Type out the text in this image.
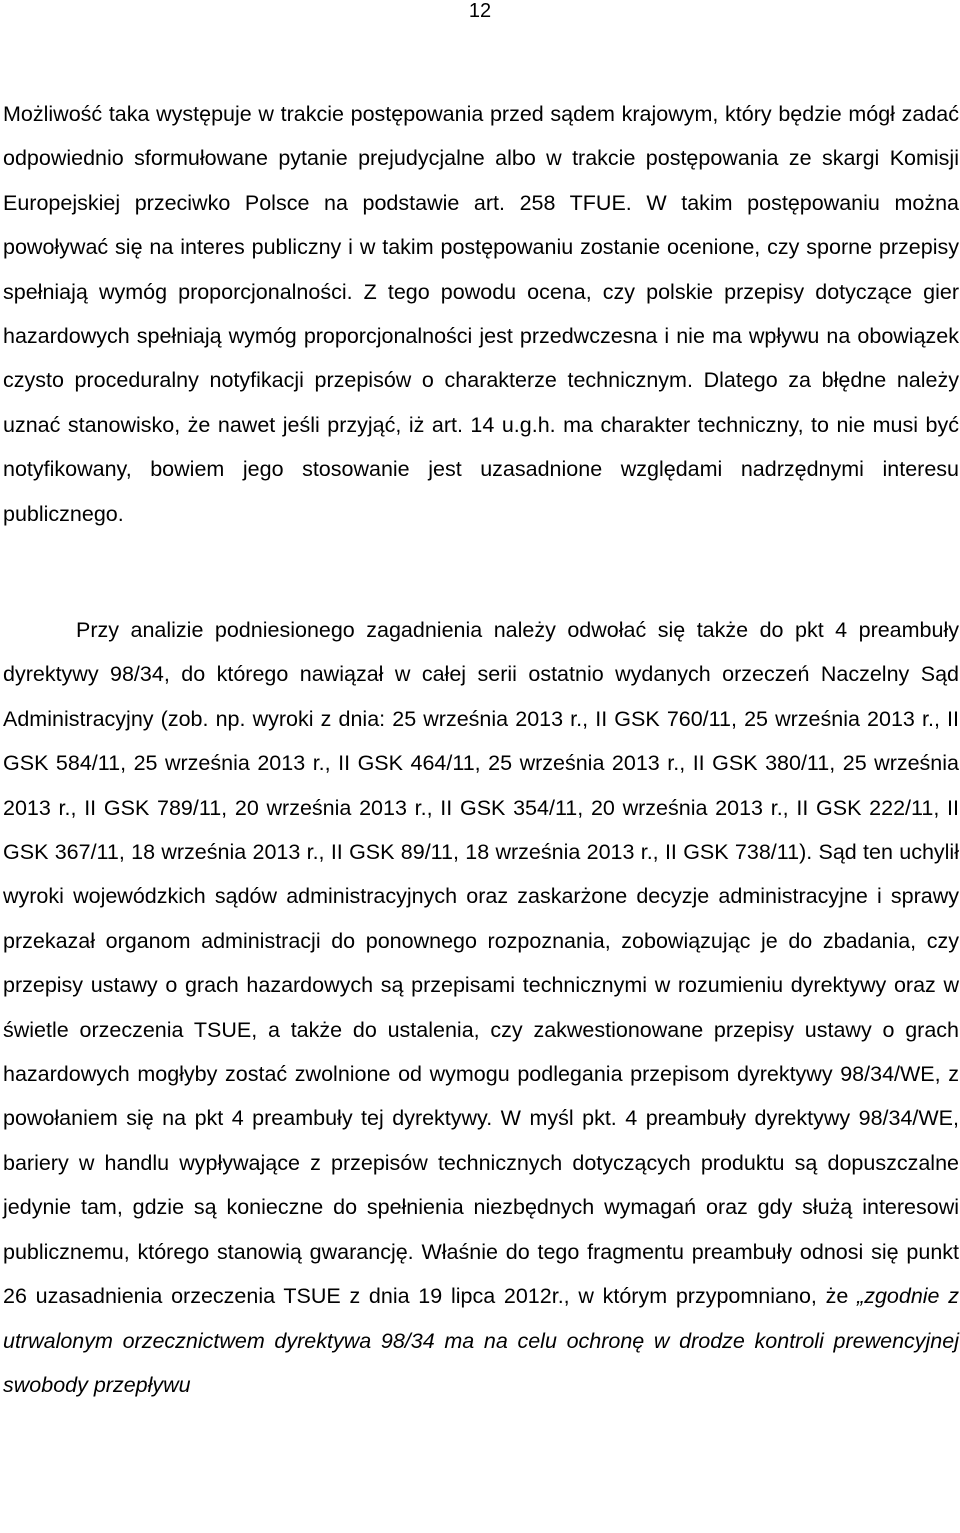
12

Możliwość taka występuje w trakcie postępowania przed sądem krajowym, który będzie mógł zadać odpowiednio sformułowane pytanie prejudycjalne albo w trakcie postępowania ze skargi Komisji Europejskiej przeciwko Polsce na podstawie art. 258 TFUE. W takim postępowaniu można powoływać się na interes publiczny i w takim postępowaniu zostanie ocenione, czy sporne przepisy spełniają wymóg proporcjonalności. Z tego powodu ocena, czy polskie przepisy dotyczące gier hazardowych spełniają wymóg proporcjonalności jest przedwczesna i nie ma wpływu na obowiązek czysto proceduralny notyfikacji przepisów o charakterze technicznym. Dlatego za błędne należy uznać stanowisko, że nawet jeśli przyjąć, iż art. 14 u.g.h. ma charakter techniczny, to nie musi być notyfikowany, bowiem jego stosowanie jest uzasadnione względami nadrzędnymi interesu publicznego.

Przy analizie podniesionego zagadnienia należy odwołać się także do pkt 4 preambuły dyrektywy 98/34, do którego nawiązał w całej serii ostatnio wydanych orzeczeń Naczelny Sąd Administracyjny (zob. np. wyroki z dnia: 25 września 2013 r., II GSK 760/11, 25 września 2013 r., II GSK 584/11, 25 września 2013 r., II GSK 464/11, 25 września 2013 r., II GSK 380/11, 25 września 2013 r., II GSK 789/11, 20 września 2013 r., II GSK 354/11, 20 września 2013 r., II GSK 222/11, II GSK 367/11, 18 września 2013 r., II GSK 89/11, 18 września 2013 r., II GSK 738/11). Sąd ten uchylił wyroki wojewódzkich sądów administracyjnych oraz zaskarżone decyzje administracyjne i sprawy przekazał organom administracji do ponownego rozpoznania, zobowiązując je do zbadania, czy przepisy ustawy o grach hazardowych są przepisami technicznymi w rozumieniu dyrektywy oraz w świetle orzeczenia TSUE, a także do ustalenia, czy zakwestionowane przepisy ustawy o grach hazardowych mogłyby zostać zwolnione od wymogu podlegania przepisom dyrektywy 98/34/WE, z powołaniem się na pkt 4 preambuły tej dyrektywy. W myśl pkt. 4 preambuły dyrektywy 98/34/WE, bariery w handlu wypływające z przepisów technicznych dotyczących produktu są dopuszczalne jedynie tam, gdzie są konieczne do spełnienia niezbędnych wymagań oraz gdy służą interesowi publicznemu, którego stanowią gwarancję. Właśnie do tego fragmentu preambuły odnosi się punkt 26 uzasadnienia orzeczenia TSUE z dnia 19 lipca 2012r., w którym przypomniano, że „zgodnie z utrwalonym orzecznictwem dyrektywa 98/34 ma na celu ochronę w drodze kontroli prewencyjnej swobody przepływu
